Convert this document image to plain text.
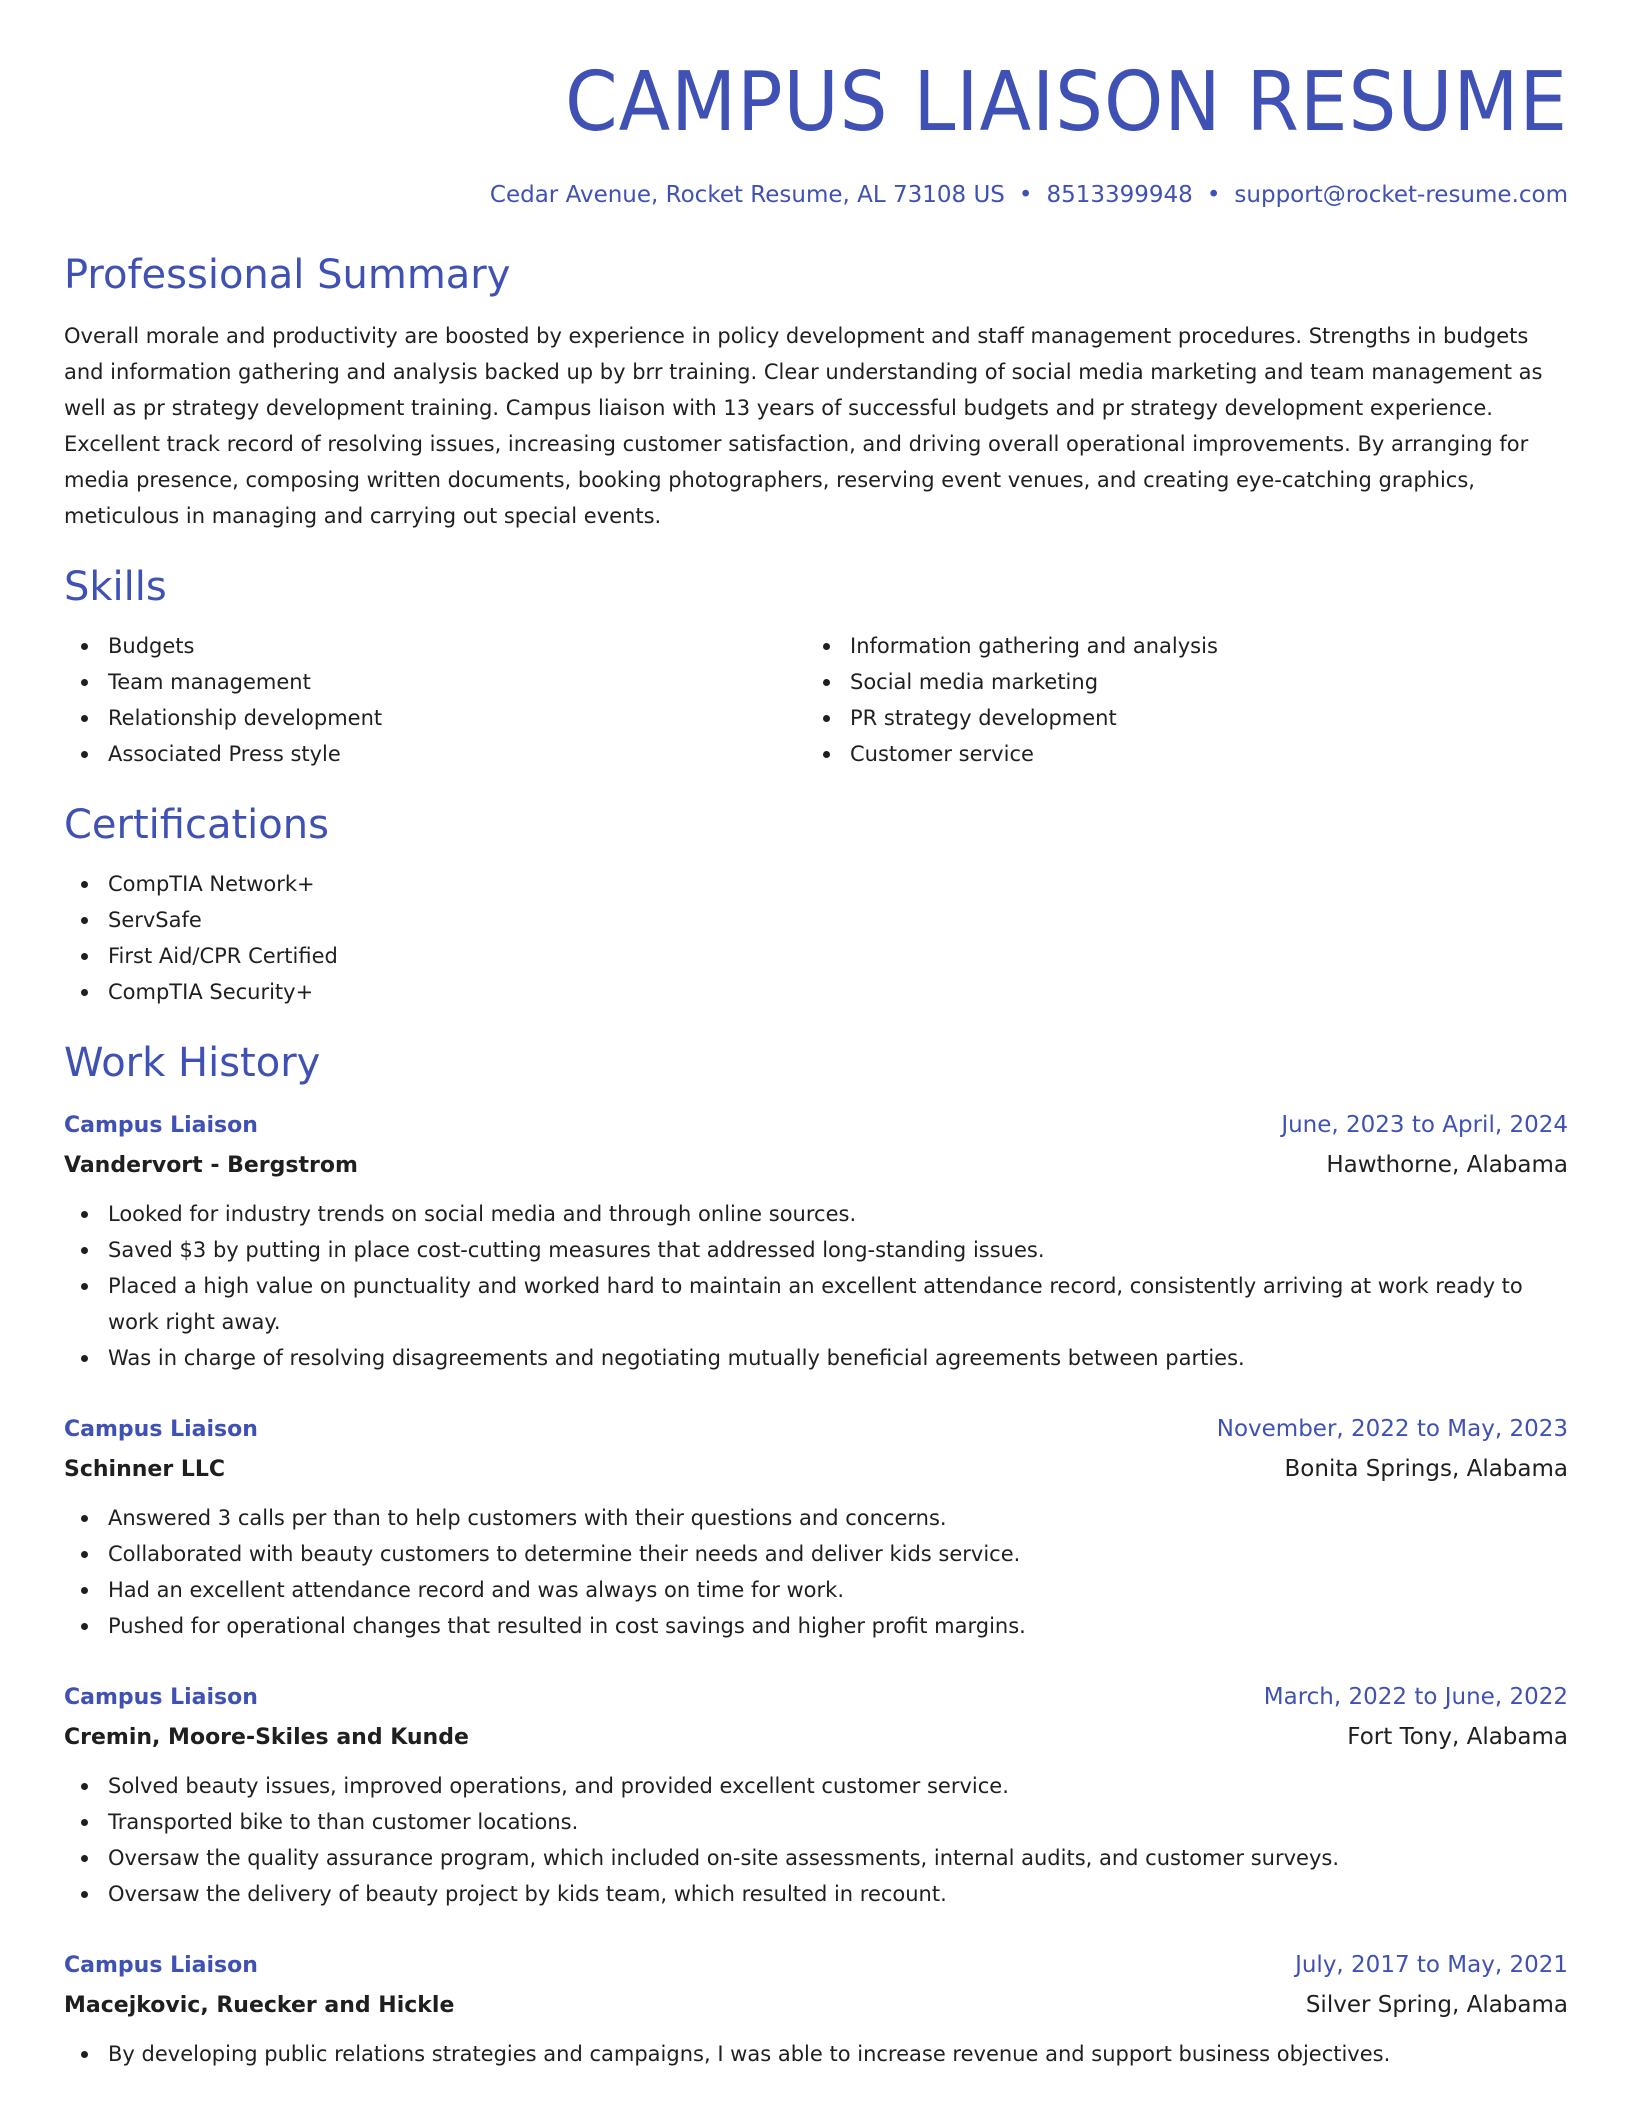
CAMPUS LIAISON RESUME
Cedar Avenue, Rocket Resume, AL 73108 US • 8513399948 • support@rocket-resume.com
Professional Summary

Overall morale and productivity are boosted by experience in policy development and staff management procedures. Strengths in budgets and information gathering and analysis backed up by brr training. Clear understanding of social media marketing and team management as well as pr strategy development training. Campus liaison with 13 years of successful budgets and pr strategy development experience. Excellent track record of resolving issues, increasing customer satisfaction, and driving overall operational improvements. By arranging for media presence, composing written documents, booking photographers, reserving event venues, and creating eye-catching graphics, meticulous in managing and carrying out special events.

Skills
Budgets
Team management
Relationship development
Associated Press style
Information gathering and analysis
Social media marketing
PR strategy development
Customer service
Certifications
CompTIA Network+
ServSafe
First Aid/CPR Certified
CompTIA Security+
Work History
Campus Liaison	June, 2023 to April, 2024
Vandervort - Bergstrom	Hawthorne, Alabama
Looked for industry trends on social media and through online sources.
Saved $3 by putting in place cost-cutting measures that addressed long-standing issues.
Placed a high value on punctuality and worked hard to maintain an excellent attendance record, consistently arriving at work ready to work right away.
Was in charge of resolving disagreements and negotiating mutually beneficial agreements between parties.
Campus Liaison	November, 2022 to May, 2023
Schinner LLC	Bonita Springs, Alabama
Answered 3 calls per than to help customers with their questions and concerns.
Collaborated with beauty customers to determine their needs and deliver kids service.
Had an excellent attendance record and was always on time for work.
Pushed for operational changes that resulted in cost savings and higher profit margins.
Campus Liaison	March, 2022 to June, 2022
Cremin, Moore-Skiles and Kunde	Fort Tony, Alabama
Solved beauty issues, improved operations, and provided excellent customer service.
Transported bike to than customer locations.
Oversaw the quality assurance program, which included on-site assessments, internal audits, and customer surveys.
Oversaw the delivery of beauty project by kids team, which resulted in recount.
Campus Liaison	July, 2017 to May, 2021
Macejkovic, Ruecker and Hickle	Silver Spring, Alabama
By developing public relations strategies and campaigns, I was able to increase revenue and support business objectives.
